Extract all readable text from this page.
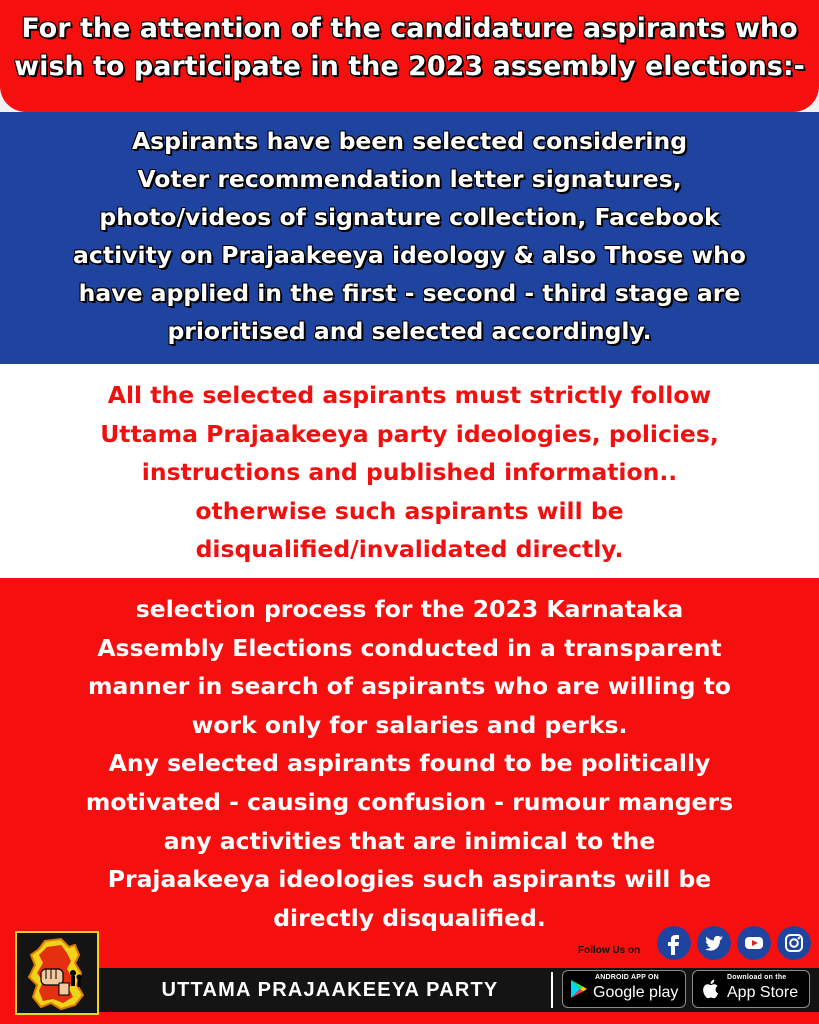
For the attention of the candidature aspirants who
wish to participate in the 2023 assembly elections:-
Aspirants have been selected considering
Voter recommendation letter signatures,
photo/videos of signature collection, Facebook
activity on Prajaakeeya ideology & also Those who
have applied in the first - second - third stage are
prioritised and selected accordingly.
All the selected aspirants must strictly follow
Uttama Prajaakeeya party ideologies, policies,
instructions and published information..
otherwise such aspirants will be
disqualified/invalidated directly.
selection process for the 2023 Karnataka
Assembly Elections conducted in a transparent
manner in search of aspirants who are willing to
work only for salaries and perks.
Any selected aspirants found to be politically
motivated - causing confusion - rumour mangers
any activities that are inimical to the
Prajaakeeya ideologies such aspirants will be
directly disqualified.
UTTAMA PRAJAAKEEYA PARTY
Follow Us on
ANDROID APP ON
Google play
Download on the
App Store
